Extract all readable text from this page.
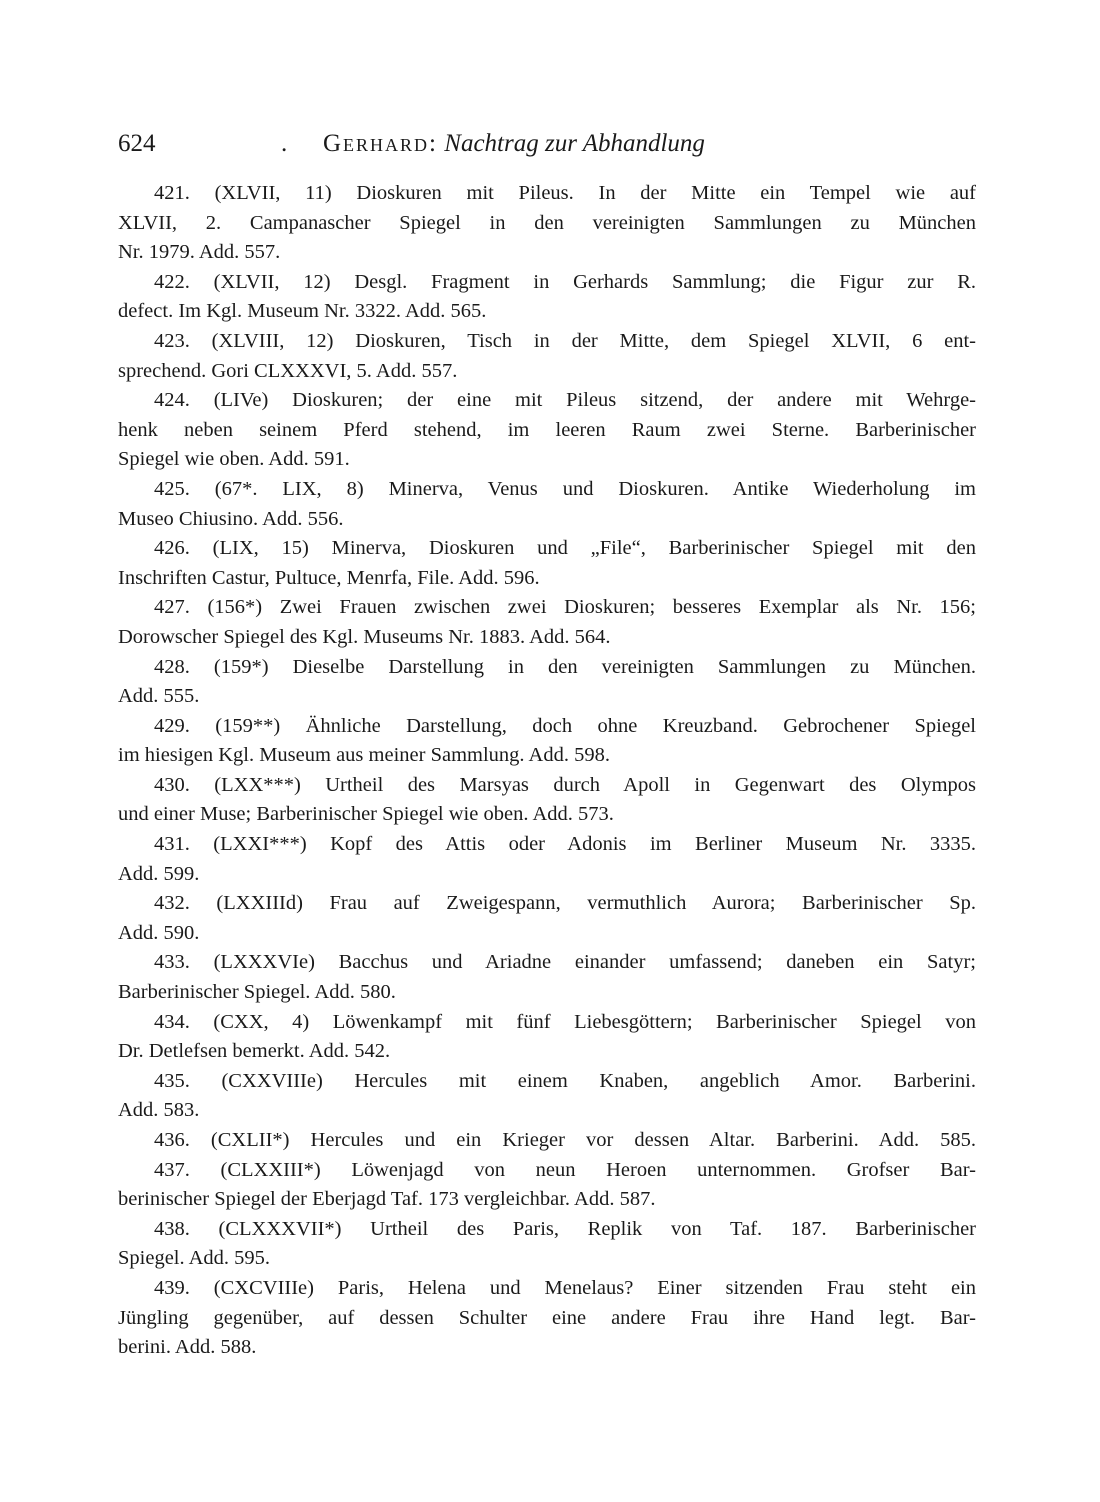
624	. Gerhard: Nachtrag zur Abhandlung
421. (XLVII, 11) Dioskuren mit Pileus. In der Mitte ein Tempel wie auf
XLVII, 2. Campanascher Spiegel in den vereinigten Sammlungen zu München
Nr. 1979. Add. 557.
422. (XLVII, 12) Desgl. Fragment in Gerhards Sammlung; die Figur zur R.
defect. Im Kgl. Museum Nr. 3322. Add. 565.
423. (XLVIII, 12) Dioskuren, Tisch in der Mitte, dem Spiegel XLVII, 6 ent-
sprechend. Gori CLXXXVI, 5. Add. 557.
424. (LIVe) Dioskuren; der eine mit Pileus sitzend, der andere mit Wehrge-
henk neben seinem Pferd stehend, im leeren Raum zwei Sterne. Barberinischer
Spiegel wie oben. Add. 591.
425. (67*. LIX, 8) Minerva, Venus und Dioskuren. Antike Wiederholung im
Museo Chiusino. Add. 556.
426. (LIX, 15) Minerva, Dioskuren und „File“, Barberinischer Spiegel mit den
Inschriften Castur, Pultuce, Menrfa, File. Add. 596.
427. (156*) Zwei Frauen zwischen zwei Dioskuren; besseres Exemplar als Nr. 156;
Dorowscher Spiegel des Kgl. Museums Nr. 1883. Add. 564.
428. (159*) Dieselbe Darstellung in den vereinigten Sammlungen zu München.
Add. 555.
429. (159**) Ähnliche Darstellung, doch ohne Kreuzband. Gebrochener Spiegel
im hiesigen Kgl. Museum aus meiner Sammlung. Add. 598.
430. (LXX***) Urtheil des Marsyas durch Apoll in Gegenwart des Olympos
und einer Muse; Barberinischer Spiegel wie oben. Add. 573.
431. (LXXI***) Kopf des Attis oder Adonis im Berliner Museum Nr. 3335.
Add. 599.
432. (LXXIIId) Frau auf Zweigespann, vermuthlich Aurora; Barberinischer Sp.
Add. 590.
433. (LXXXVIe) Bacchus und Ariadne einander umfassend; daneben ein Satyr;
Barberinischer Spiegel. Add. 580.
434. (CXX, 4) Löwenkampf mit fünf Liebesgöttern; Barberinischer Spiegel von
Dr. Detlefsen bemerkt. Add. 542.
435. (CXXVIIIe) Hercules mit einem Knaben, angeblich Amor. Barberini.
Add. 583.
436. (CXLII*) Hercules und ein Krieger vor dessen Altar. Barberini. Add. 585.
437. (CLXXIII*) Löwenjagd von neun Heroen unternommen. Grofser Bar-
berinischer Spiegel der Eberjagd Taf. 173 vergleichbar. Add. 587.
438. (CLXXXVII*) Urtheil des Paris, Replik von Taf. 187. Barberinischer
Spiegel. Add. 595.
439. (CXCVIIIe) Paris, Helena und Menelaus? Einer sitzenden Frau steht ein
Jüngling gegenüber, auf dessen Schulter eine andere Frau ihre Hand legt. Bar-
berini. Add. 588.
